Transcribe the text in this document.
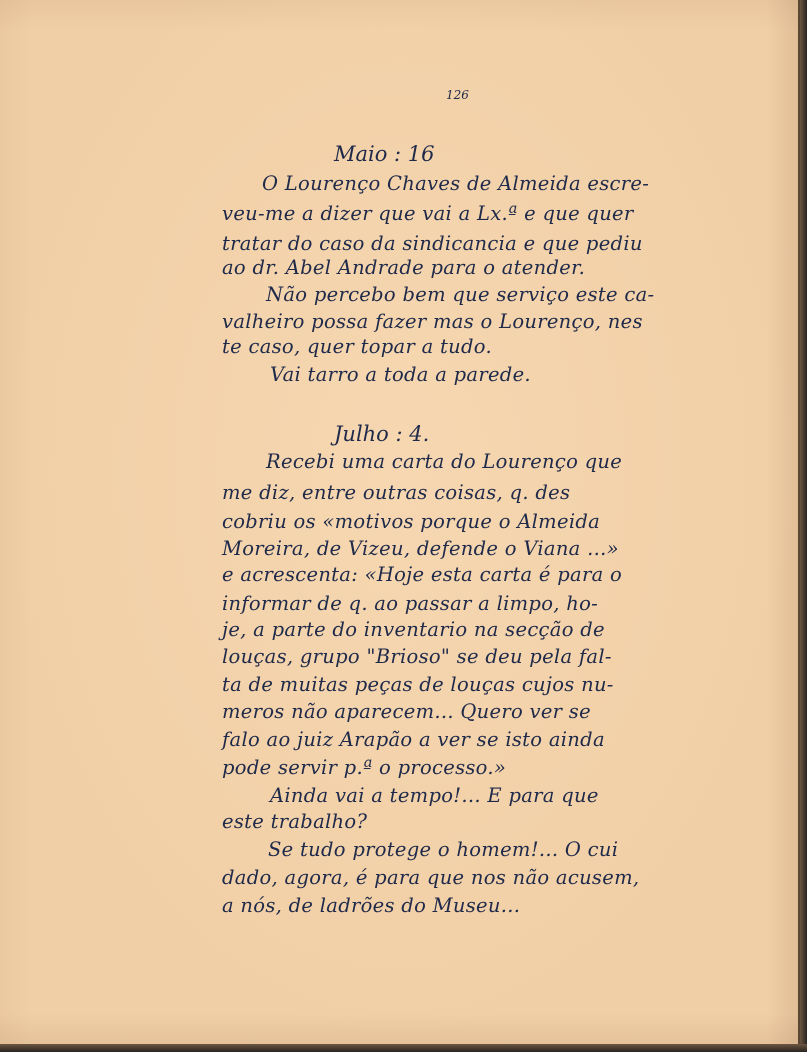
126
Maio : 16
O Lourenço Chaves de Almeida escre-
veu-me a dizer que vai a Lx.ª e que quer
tratar do caso da sindicancia e que pediu
ao dr. Abel Andrade para o atender.
Não percebo bem que serviço este ca-
valheiro possa fazer mas o Lourenço, nes
te caso, quer topar a tudo.
Vai tarro a toda a parede.
Julho : 4.
Recebi uma carta do Lourenço que
me diz, entre outras coisas, q. des
cobriu os «motivos porque o Almeida
Moreira, de Vizeu, defende o Viana ...»
e acrescenta: «Hoje esta carta é para o
informar de q. ao passar a limpo, ho-
je, a parte do inventario na secção de
louças, grupo "Brioso" se deu pela fal-
ta de muitas peças de louças cujos nu-
meros não aparecem... Quero ver se
falo ao juiz Arapão a ver se isto ainda
pode servir p.ª o processo.»
Ainda vai a tempo!... E para que
este trabalho?
Se tudo protege o homem!... O cui
dado, agora, é para que nos não acusem,
a nós, de ladrões do Museu...
